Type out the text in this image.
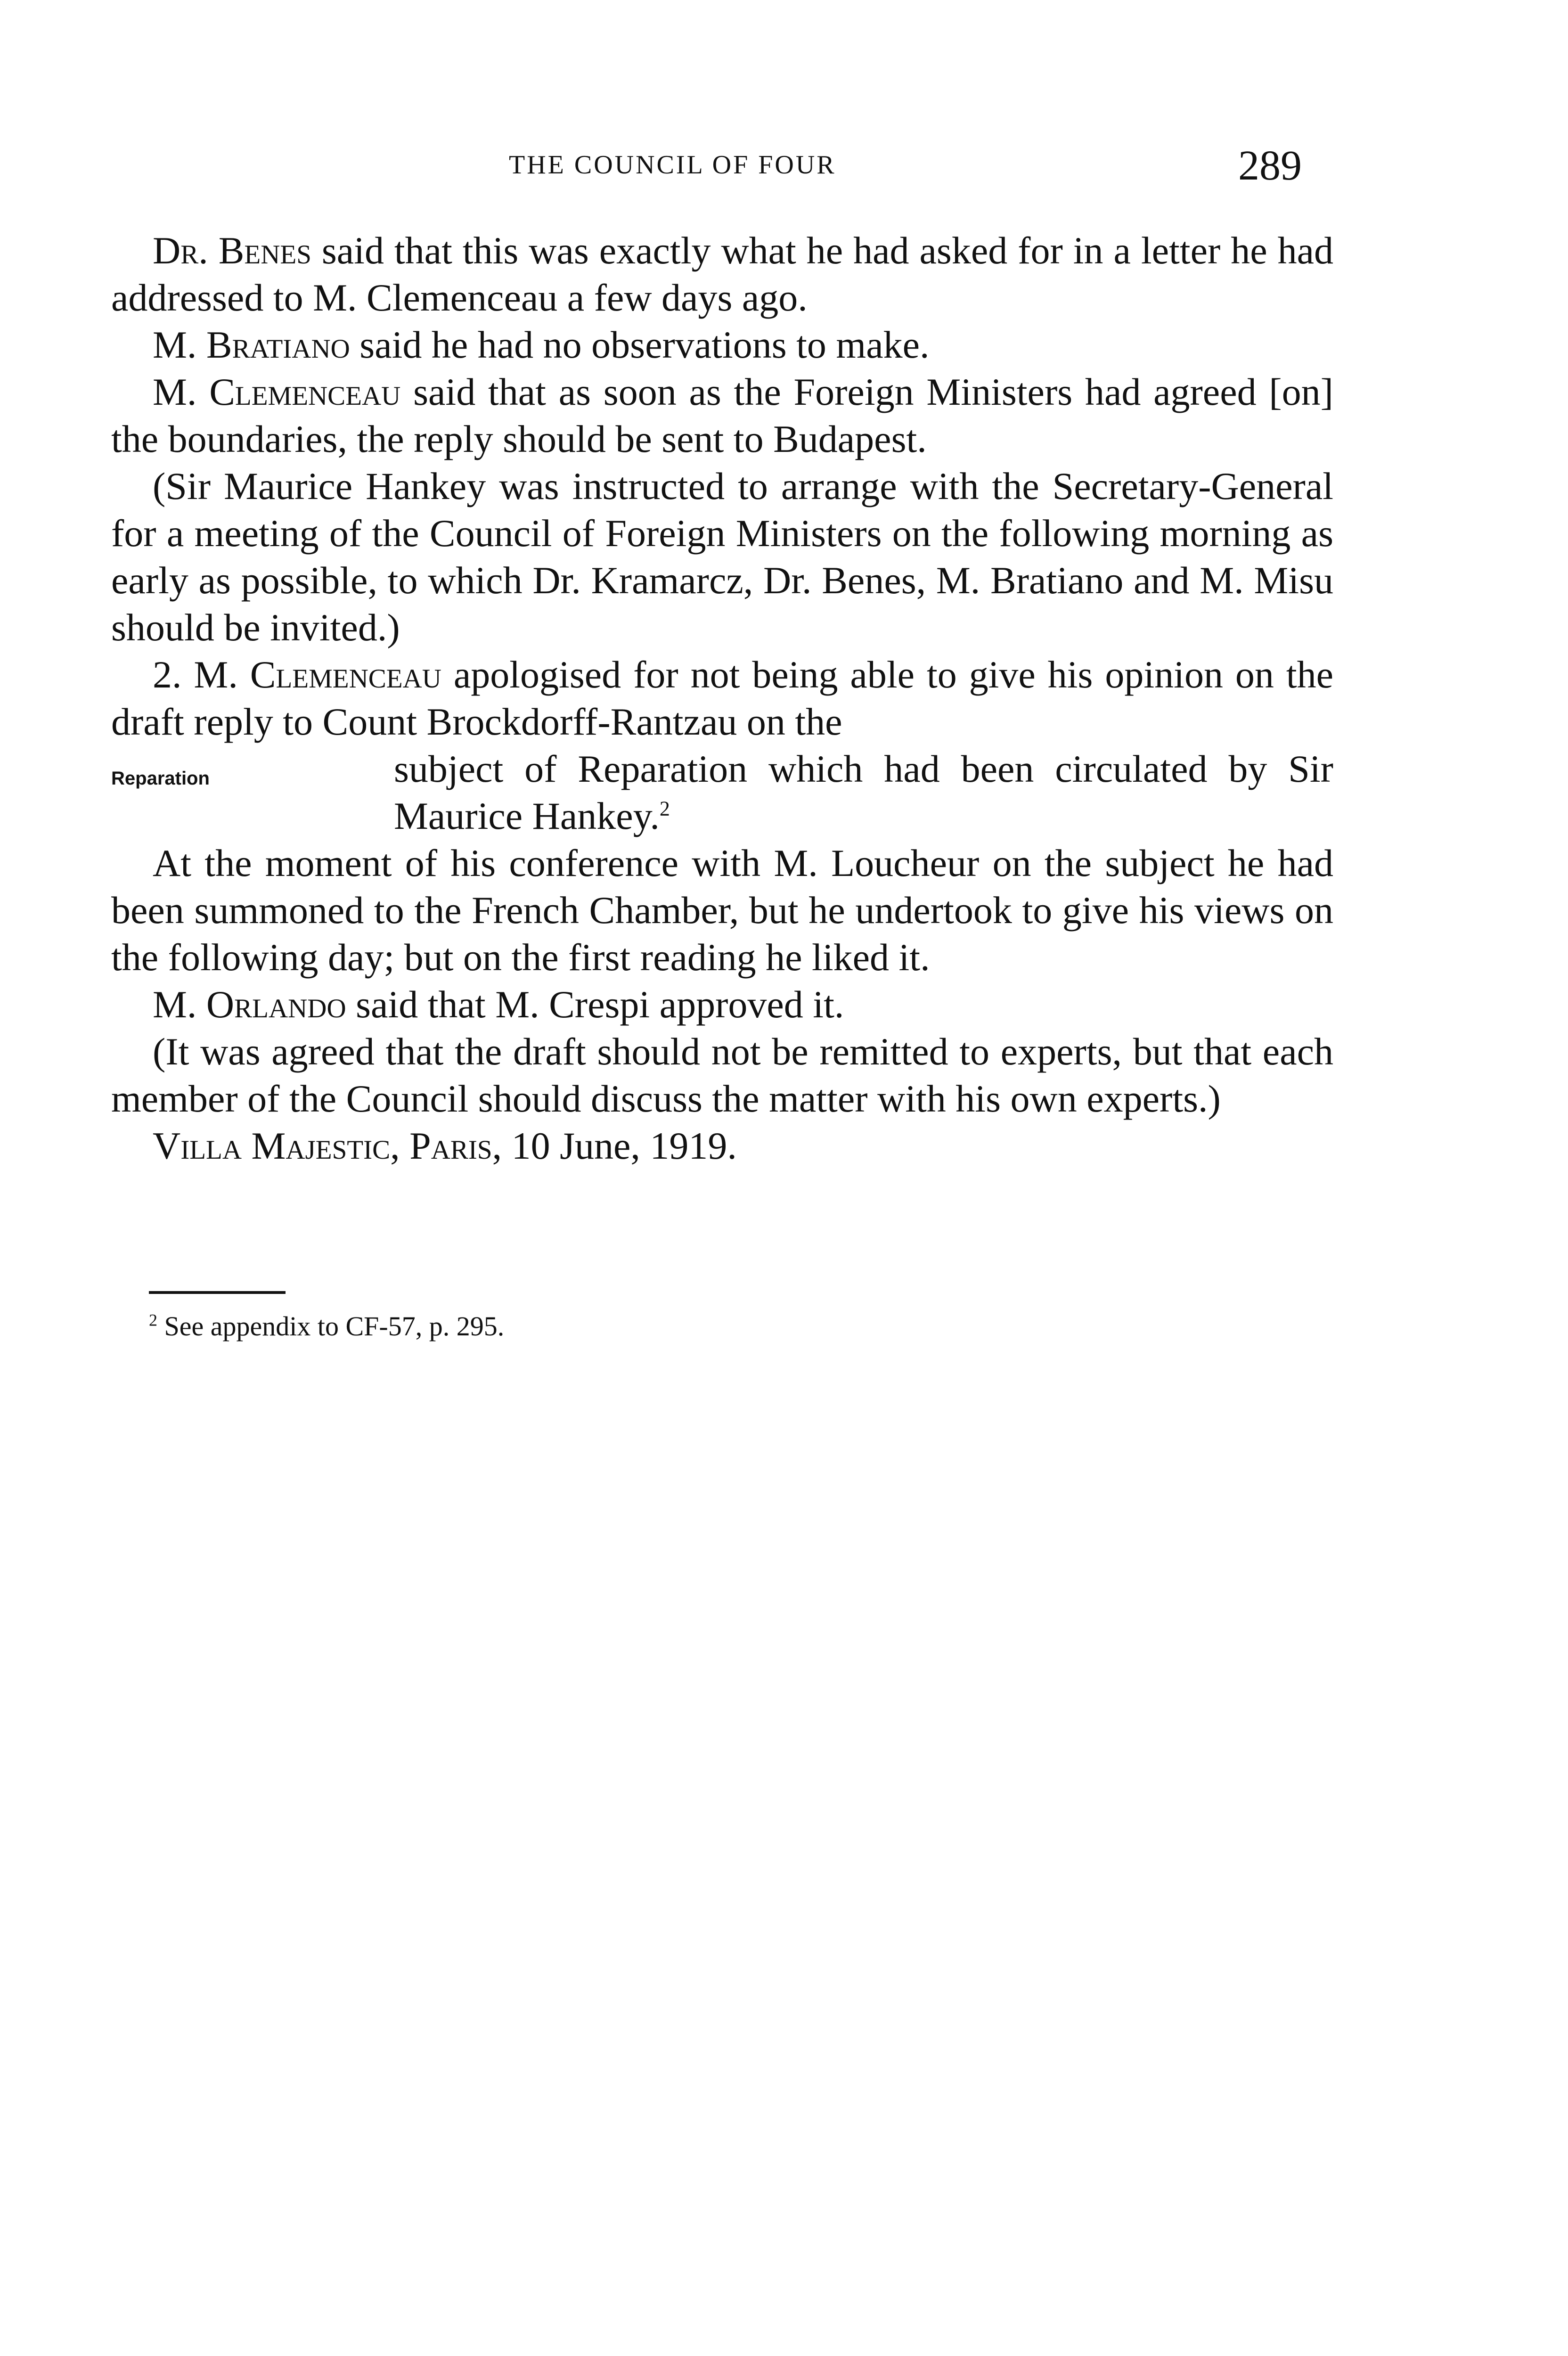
THE COUNCIL OF FOUR	289

Dr. Benes said that this was exactly what he had asked for in a letter he had addressed to M. Clemenceau a few days ago.

M. Bratiano said he had no observations to make.

M. Clemenceau said that as soon as the Foreign Ministers had agreed [on] the boundaries, the reply should be sent to Budapest.

(Sir Maurice Hankey was instructed to arrange with the Secretary-General for a meeting of the Council of Foreign Ministers on the following morning as early as possible, to which Dr. Kramarcz, Dr. Benes, M. Bratiano and M. Misu should be invited.)

2. M. Clemenceau apologised for not being able to give his opinion on the draft reply to Count Brockdorff-Rantzau on the
Reparation	subject of Reparation which had been circulated by Sir Maurice Hankey.$^2$

At the moment of his conference with M. Loucheur on the subject he had been summoned to the French Chamber, but he undertook to give his views on the following day; but on the first reading he liked it.

M. Orlando said that M. Crespi approved it.

(It was agreed that the draft should not be remitted to experts, but that each member of the Council should discuss the matter with his own experts.)

Villa Majestic, Paris, 10 June, 1919.

$^2$ See appendix to CF-57, p. 295.
